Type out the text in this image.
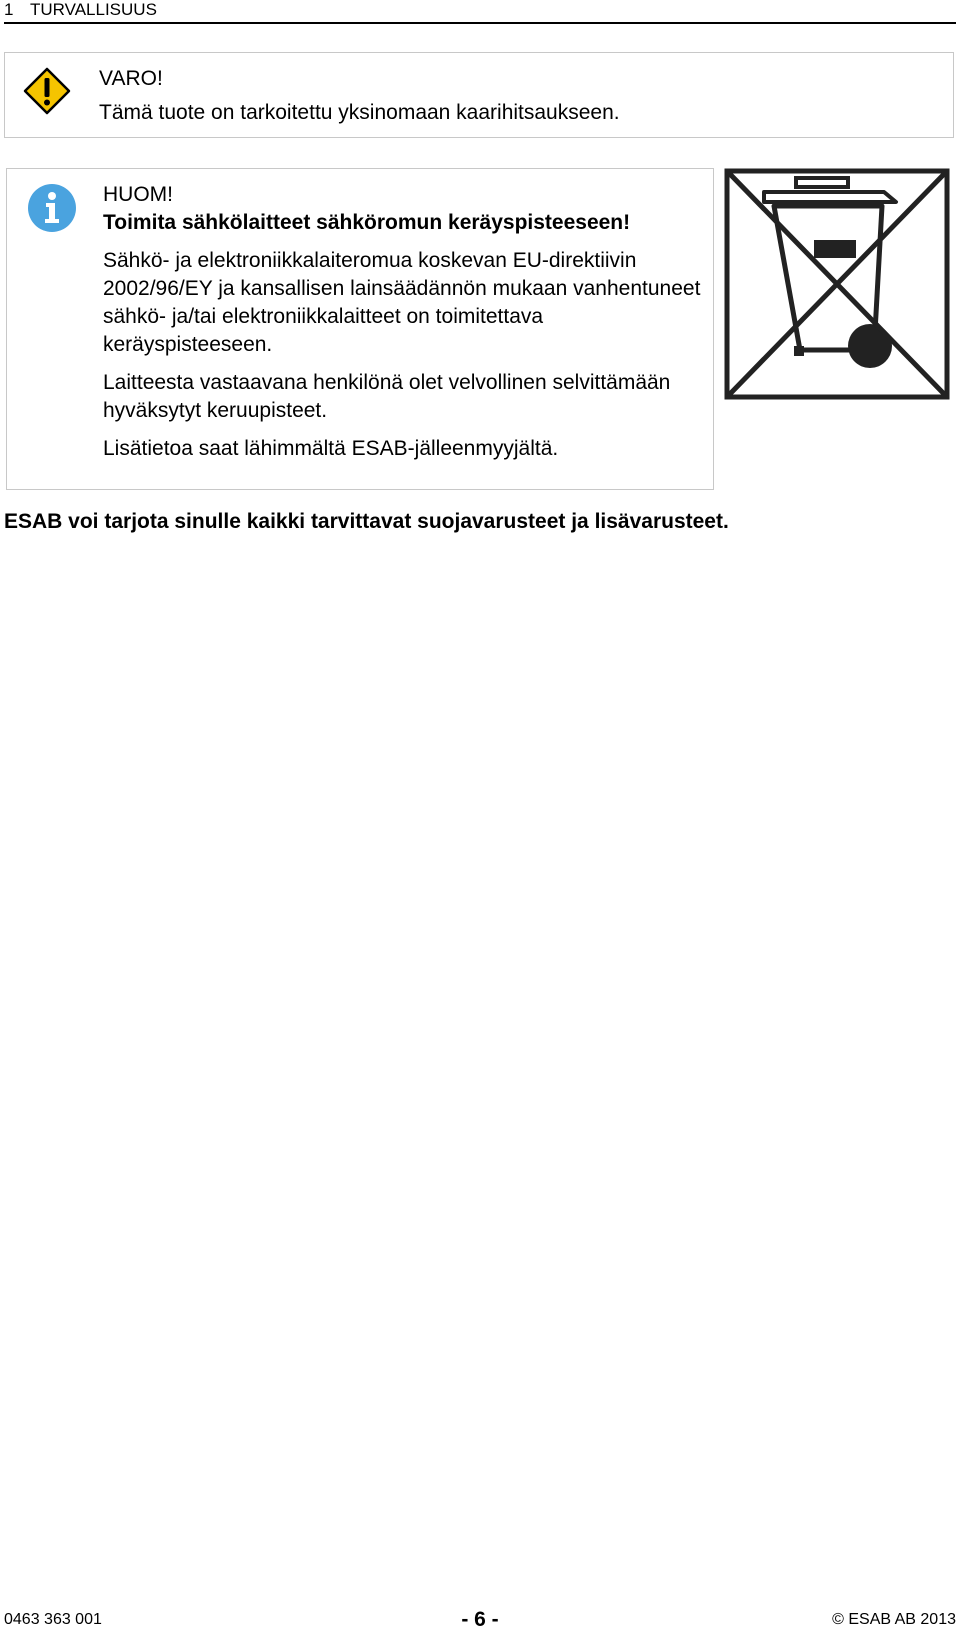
1 TURVALLISUUS
VARO!
Tämä tuote on tarkoitettu yksinomaan kaarihitsaukseen.

HUOM!

Toimita sähkölaitteet sähköromun keräyspisteeseen!

Sähkö- ja elektroniikkalaiteromua koskevan EU-direktiivin 2002/96/EY ja kansallisen lainsäädännön mukaan vanhentuneet sähkö- ja/tai elektroniikkalaitteet on toimitettava keräyspisteeseen.

Laitteesta vastaavana henkilönä olet velvollinen selvittämään hyväksytyt keruupisteet.

Lisätietoa saat lähimmältä ESAB-jälleenmyyjältä.

ESAB voi tarjota sinulle kaikki tarvittavat suojavarusteet ja lisävarusteet.
0463 363 001	- 6 -	© ESAB AB 2013
